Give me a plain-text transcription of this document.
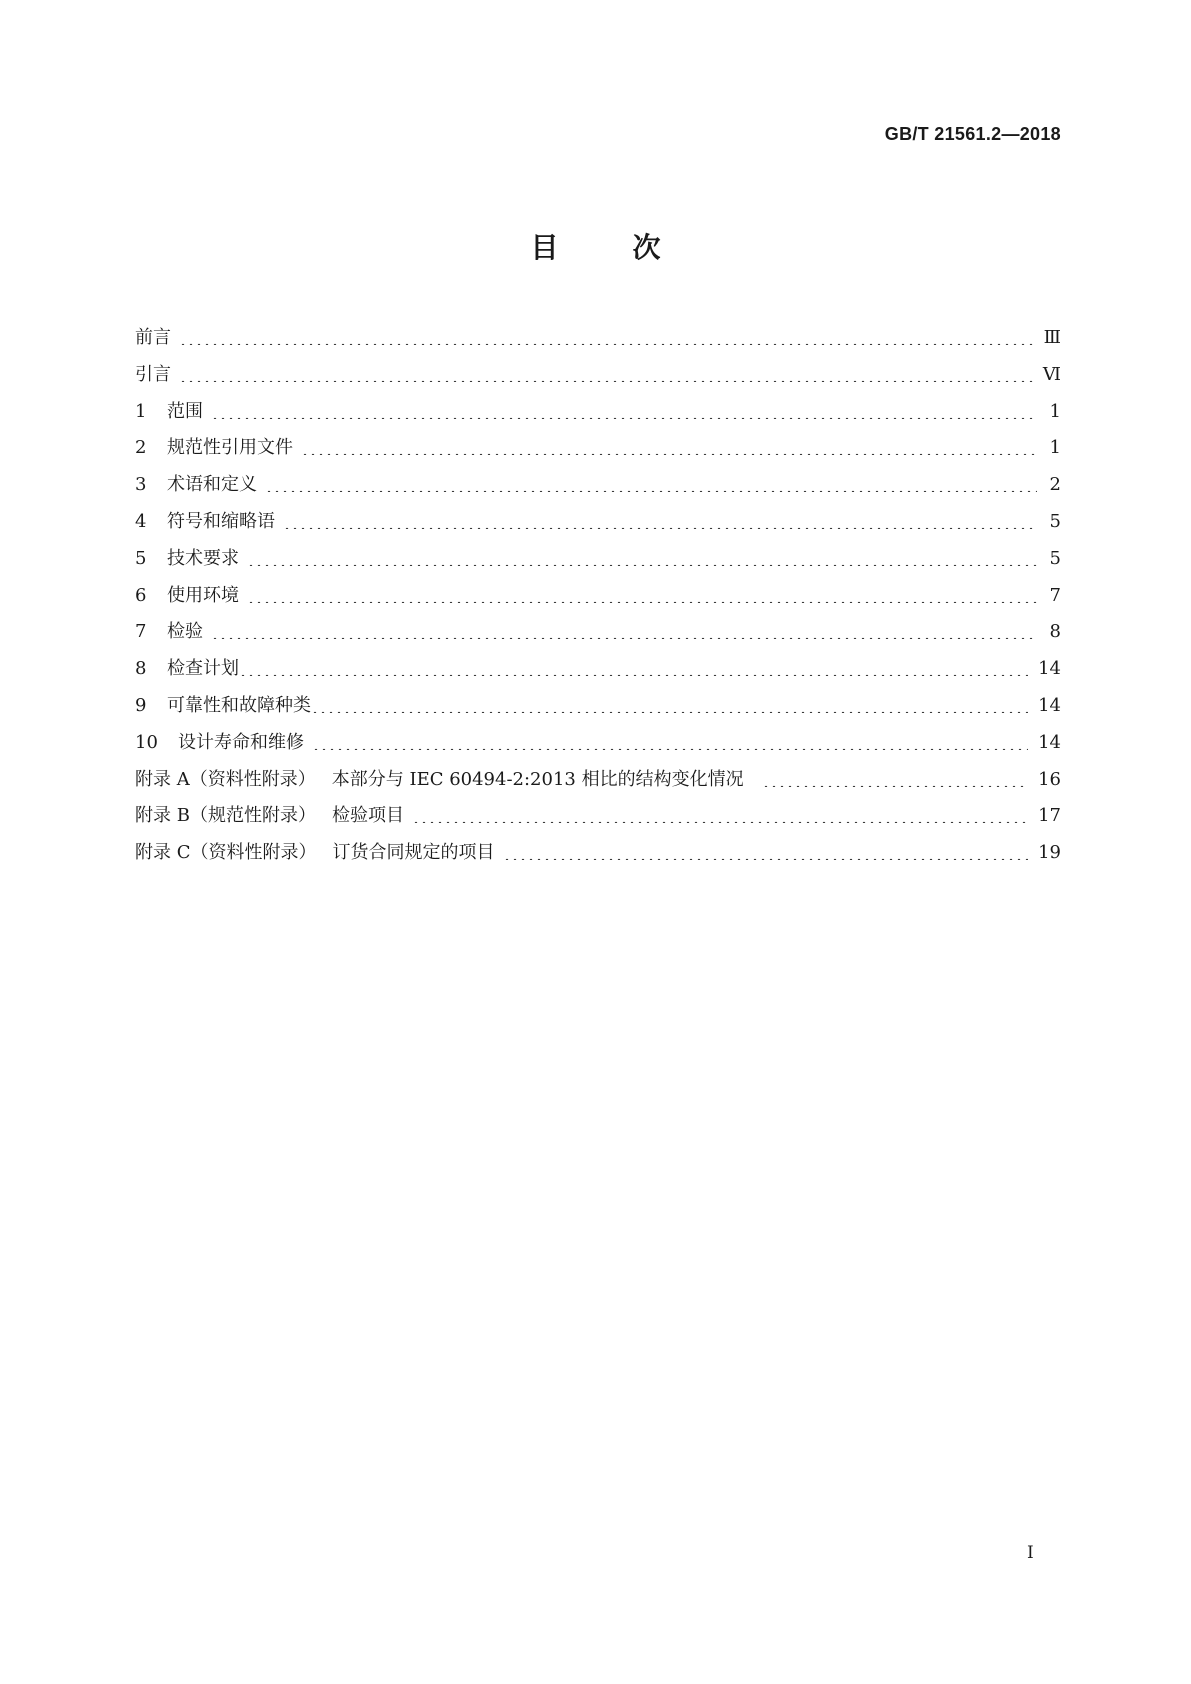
GB/T 21561.2—2018
目	次
前言	Ⅲ
引言	Ⅵ
1	范围	1
2	规范性引用文件	1
3	术语和定义	2
4	符号和缩略语	5
5	技术要求	5
6	使用环境	7
7	检验	8
8	检查计划	14
9	可靠性和故障种类	14
10	设计寿命和维修	14
附录 A（资料性附录） 本部分与 IEC 60494-2:2013 相比的结构变化情况	16
附录 B（规范性附录） 检验项目	17
附录 C（资料性附录） 订货合同规定的项目	19
I
